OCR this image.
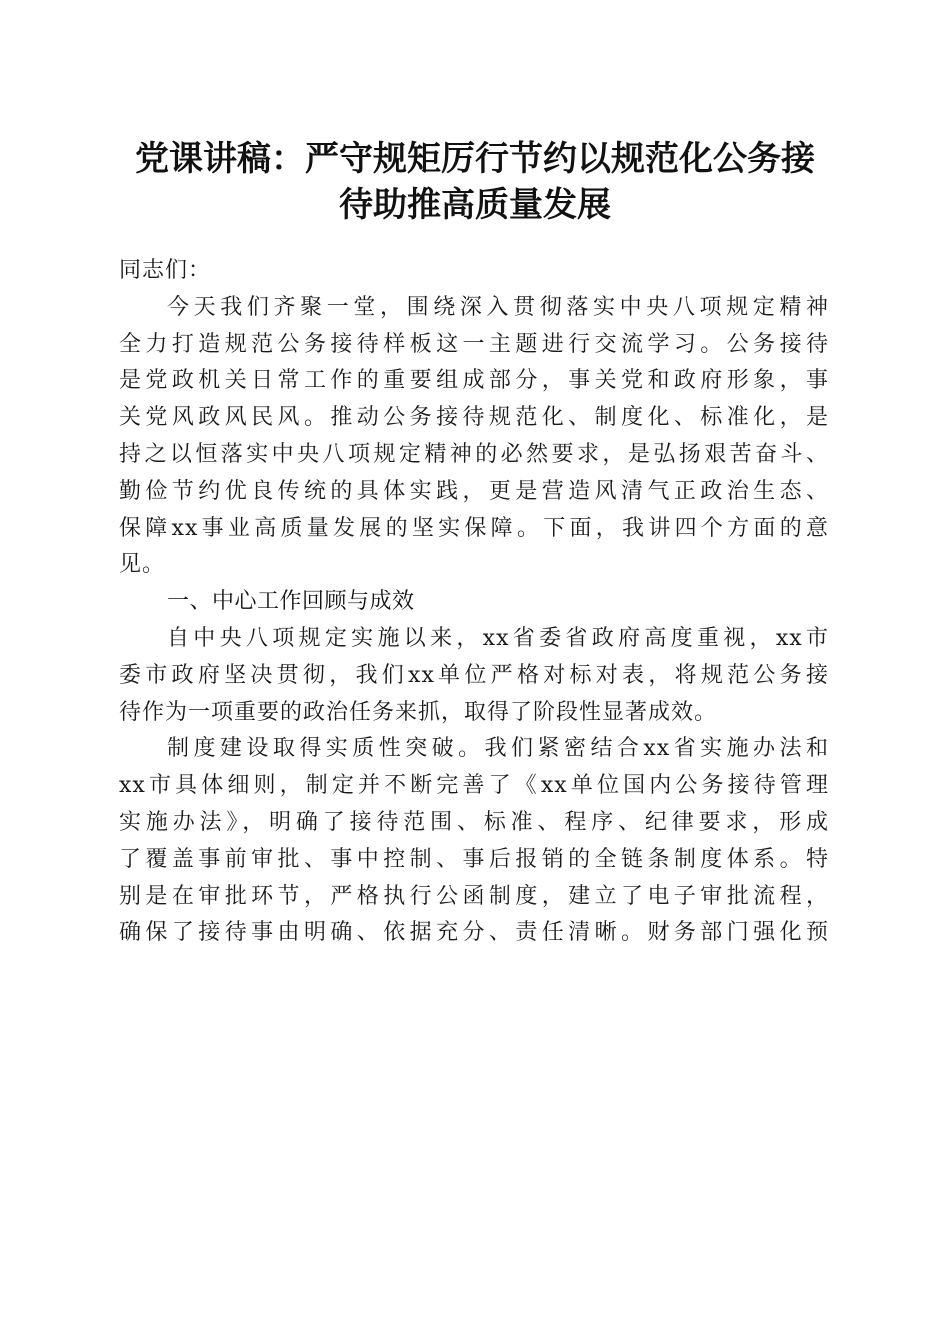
党课讲稿：严守规矩厉行节约以规范化公务接
待助推高质量发展
同志们：
今天我们齐聚一堂，围绕深入贯彻落实中央八项规定精神
全力打造规范公务接待样板这一主题进行交流学习。公务接待
是党政机关日常工作的重要组成部分，事关党和政府形象，事
关党风政风民风。推动公务接待规范化、制度化、标准化，是
持之以恒落实中央八项规定精神的必然要求，是弘扬艰苦奋斗、
勤俭节约优良传统的具体实践，更是营造风清气正政治生态、
保障xx事业高质量发展的坚实保障。下面，我讲四个方面的意
见。
一、中心工作回顾与成效
自中央八项规定实施以来，xx省委省政府高度重视，xx市
委市政府坚决贯彻，我们xx单位严格对标对表，将规范公务接
待作为一项重要的政治任务来抓，取得了阶段性显著成效。
制度建设取得实质性突破。我们紧密结合xx省实施办法和
xx市具体细则，制定并不断完善了《xx单位国内公务接待管理
实施办法》，明确了接待范围、标准、程序、纪律要求，形成
了覆盖事前审批、事中控制、事后报销的全链条制度体系。特
别是在审批环节，严格执行公函制度，建立了电子审批流程，
确保了接待事由明确、依据充分、责任清晰。财务部门强化预
